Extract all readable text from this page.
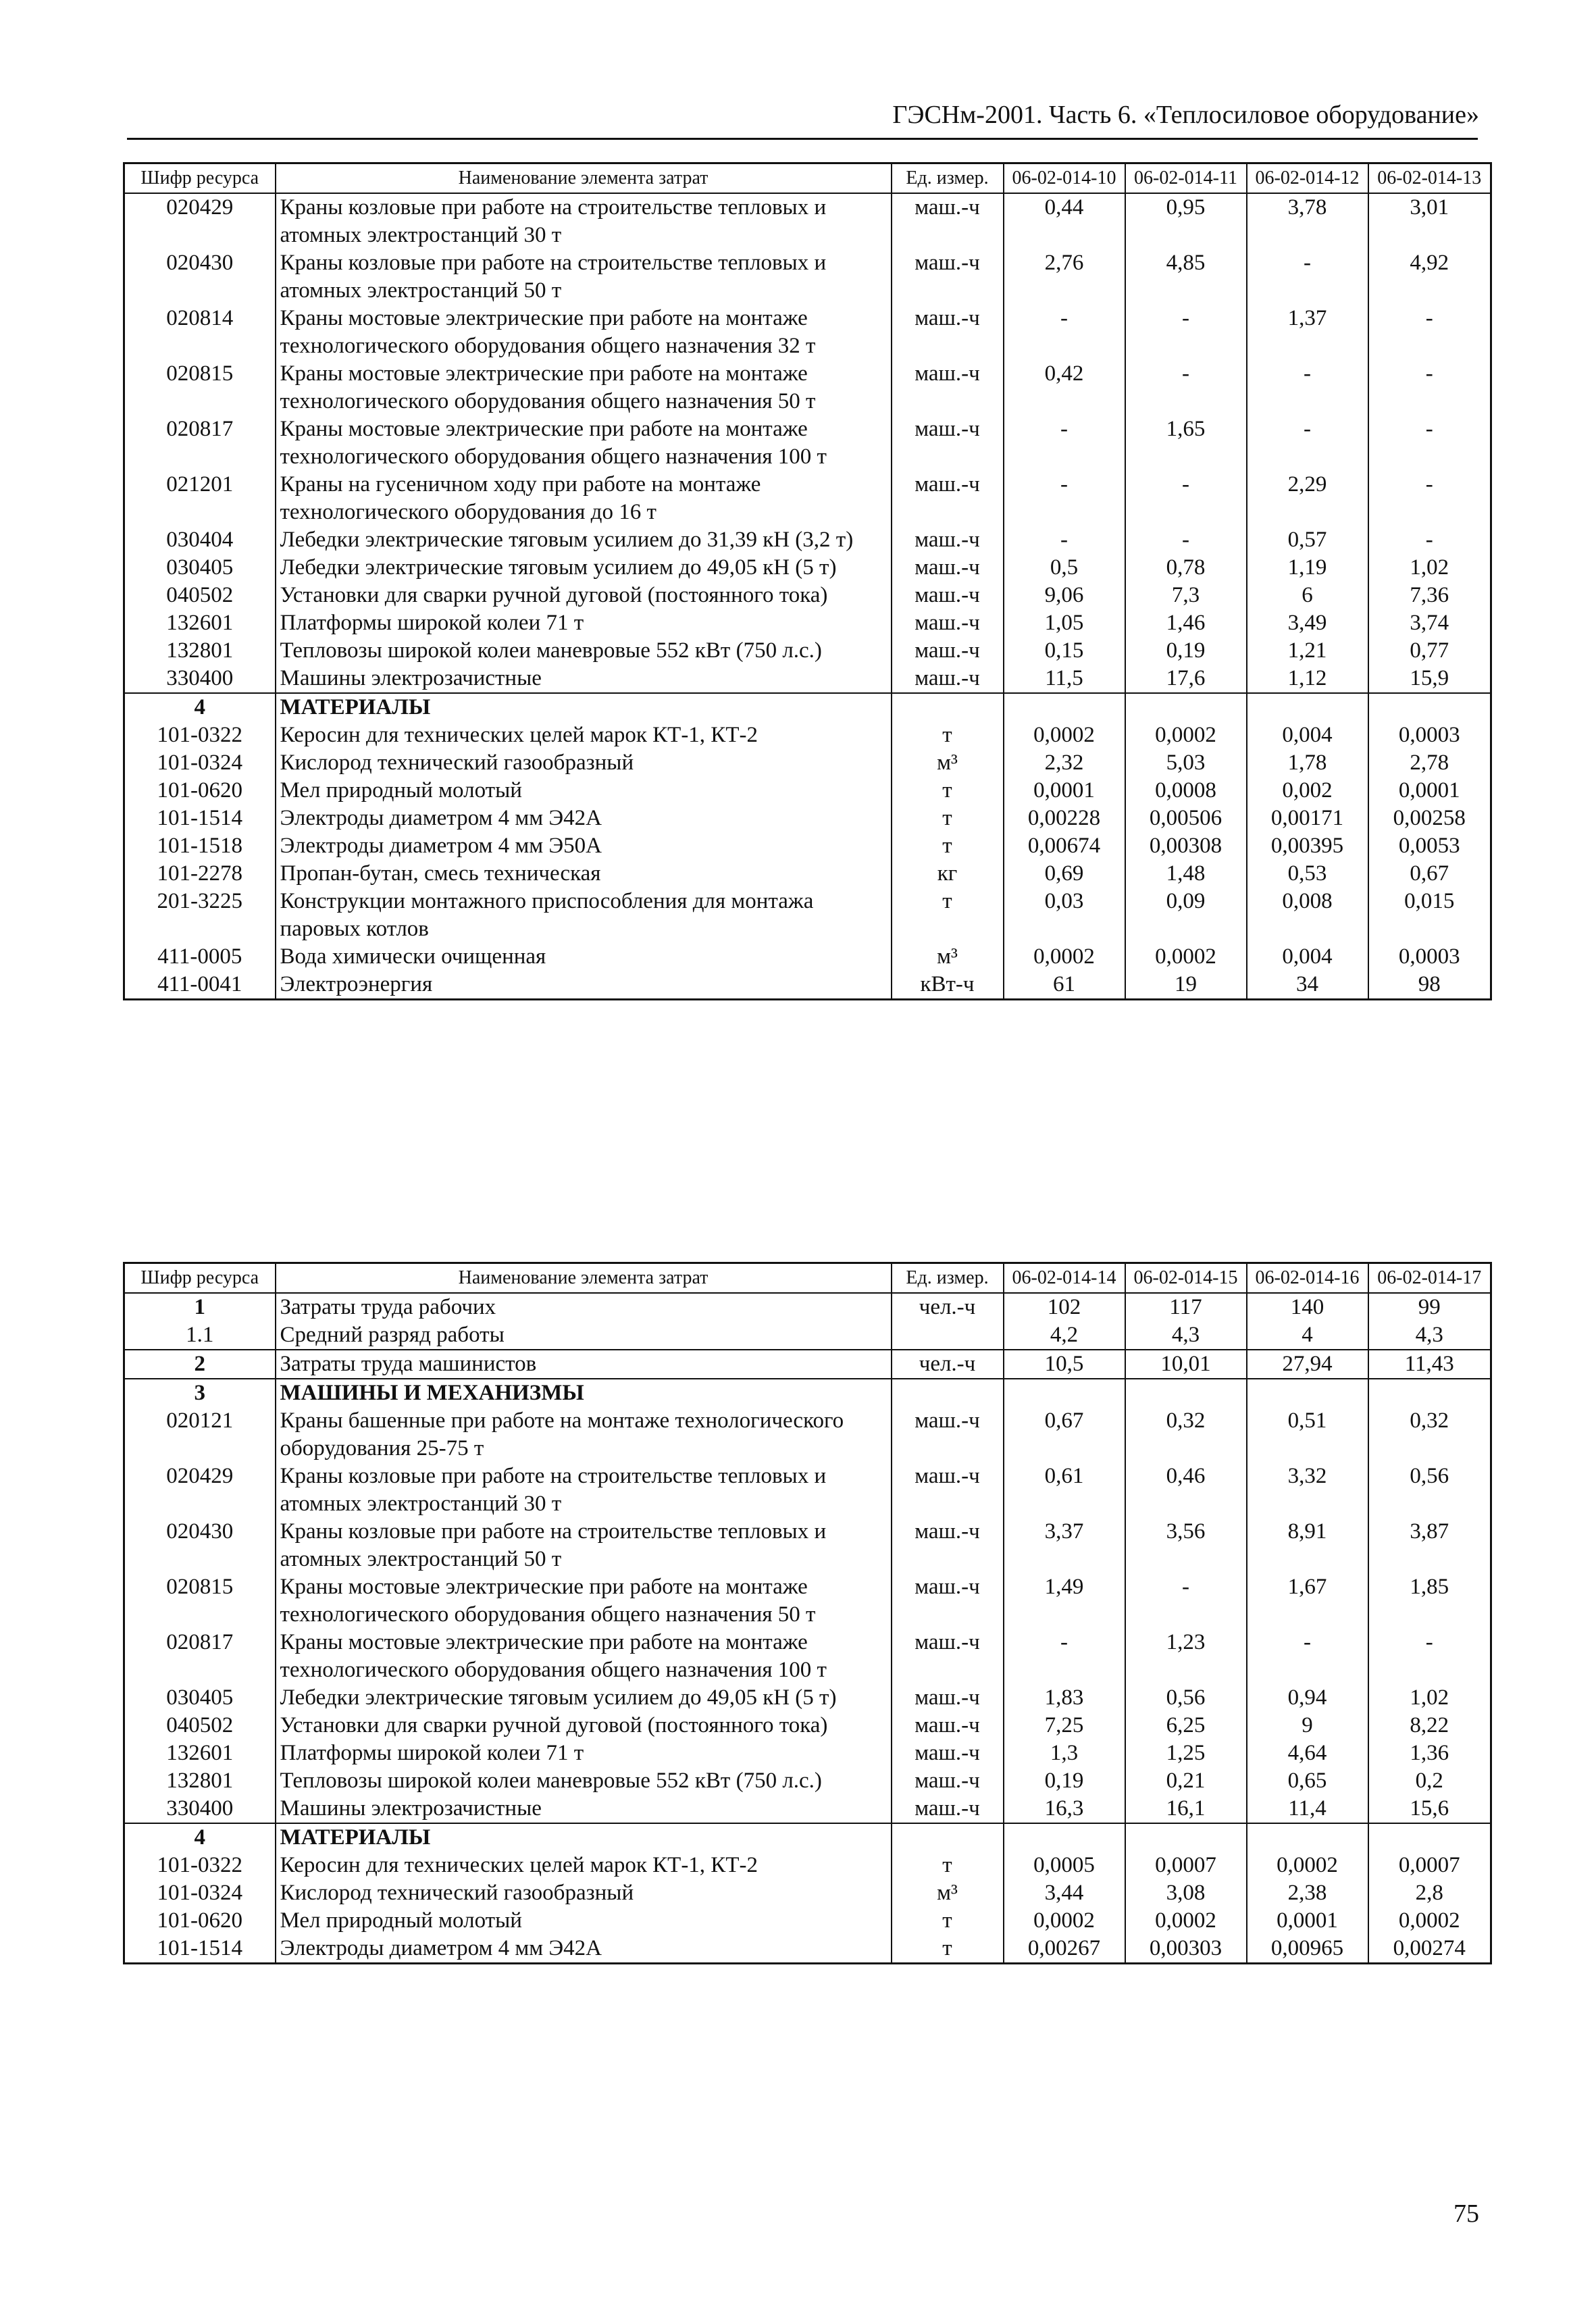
ГЭСНм-2001. Часть 6. «Теплосиловое оборудование»
Шифр ресурса	Наименование элемента затрат	Ед. измер.	06-02-014-10	06-02-014-11	06-02-014-12	06-02-014-13
020429	Краны козловые при работе на строительстве тепловых и атомных электростанций 30 т	маш.-ч	0,44	0,95	3,78	3,01
020430	Краны козловые при работе на строительстве тепловых и атомных электростанций 50 т	маш.-ч	2,76	4,85	-	4,92
020814	Краны мостовые электрические при работе на монтаже технологического оборудования общего назначения 32 т	маш.-ч	-	-	1,37	-
020815	Краны мостовые электрические при работе на монтаже технологического оборудования общего назначения 50 т	маш.-ч	0,42	-	-	-
020817	Краны мостовые электрические при работе на монтаже технологического оборудования общего назначения 100 т	маш.-ч	-	1,65	-	-
021201	Краны на гусеничном ходу при работе на монтаже технологического оборудования до 16 т	маш.-ч	-	-	2,29	-
030404	Лебедки электрические тяговым усилием до 31,39 кН (3,2 т)	маш.-ч	-	-	0,57	-
030405	Лебедки электрические тяговым усилием до 49,05 кН (5 т)	маш.-ч	0,5	0,78	1,19	1,02
040502	Установки для сварки ручной дуговой (постоянного тока)	маш.-ч	9,06	7,3	6	7,36
132601	Платформы широкой колеи 71 т	маш.-ч	1,05	1,46	3,49	3,74
132801	Тепловозы широкой колеи маневровые 552 кВт (750 л.с.)	маш.-ч	0,15	0,19	1,21	0,77
330400	Машины электрозачистные	маш.-ч	11,5	17,6	1,12	15,9
4	МАТЕРИАЛЫ					
101-0322	Керосин для технических целей марок КТ-1, КТ-2	т	0,0002	0,0002	0,004	0,0003
101-0324	Кислород технический газообразный	м³	2,32	5,03	1,78	2,78
101-0620	Мел природный молотый	т	0,0001	0,0008	0,002	0,0001
101-1514	Электроды диаметром 4 мм Э42А	т	0,00228	0,00506	0,00171	0,00258
101-1518	Электроды диаметром 4 мм Э50А	т	0,00674	0,00308	0,00395	0,0053
101-2278	Пропан-бутан, смесь техническая	кг	0,69	1,48	0,53	0,67
201-3225	Конструкции монтажного приспособления для монтажа паровых котлов	т	0,03	0,09	0,008	0,015
411-0005	Вода химически очищенная	м³	0,0002	0,0002	0,004	0,0003
411-0041	Электроэнергия	кВт-ч	61	19	34	98
Шифр ресурса	Наименование элемента затрат	Ед. измер.	06-02-014-14	06-02-014-15	06-02-014-16	06-02-014-17
1	Затраты труда рабочих	чел.-ч	102	117	140	99
1.1	Средний разряд работы		4,2	4,3	4	4,3
2	Затраты труда машинистов	чел.-ч	10,5	10,01	27,94	11,43
3	МАШИНЫ И МЕХАНИЗМЫ					
020121	Краны башенные при работе на монтаже технологического оборудования 25-75 т	маш.-ч	0,67	0,32	0,51	0,32
020429	Краны козловые при работе на строительстве тепловых и атомных электростанций 30 т	маш.-ч	0,61	0,46	3,32	0,56
020430	Краны козловые при работе на строительстве тепловых и атомных электростанций 50 т	маш.-ч	3,37	3,56	8,91	3,87
020815	Краны мостовые электрические при работе на монтаже технологического оборудования общего назначения 50 т	маш.-ч	1,49	-	1,67	1,85
020817	Краны мостовые электрические при работе на монтаже технологического оборудования общего назначения 100 т	маш.-ч	-	1,23	-	-
030405	Лебедки электрические тяговым усилием до 49,05 кН (5 т)	маш.-ч	1,83	0,56	0,94	1,02
040502	Установки для сварки ручной дуговой (постоянного тока)	маш.-ч	7,25	6,25	9	8,22
132601	Платформы широкой колеи 71 т	маш.-ч	1,3	1,25	4,64	1,36
132801	Тепловозы широкой колеи маневровые 552 кВт (750 л.с.)	маш.-ч	0,19	0,21	0,65	0,2
330400	Машины электрозачистные	маш.-ч	16,3	16,1	11,4	15,6
4	МАТЕРИАЛЫ					
101-0322	Керосин для технических целей марок КТ-1, КТ-2	т	0,0005	0,0007	0,0002	0,0007
101-0324	Кислород технический газообразный	м³	3,44	3,08	2,38	2,8
101-0620	Мел природный молотый	т	0,0002	0,0002	0,0001	0,0002
101-1514	Электроды диаметром 4 мм Э42А	т	0,00267	0,00303	0,00965	0,00274
75
